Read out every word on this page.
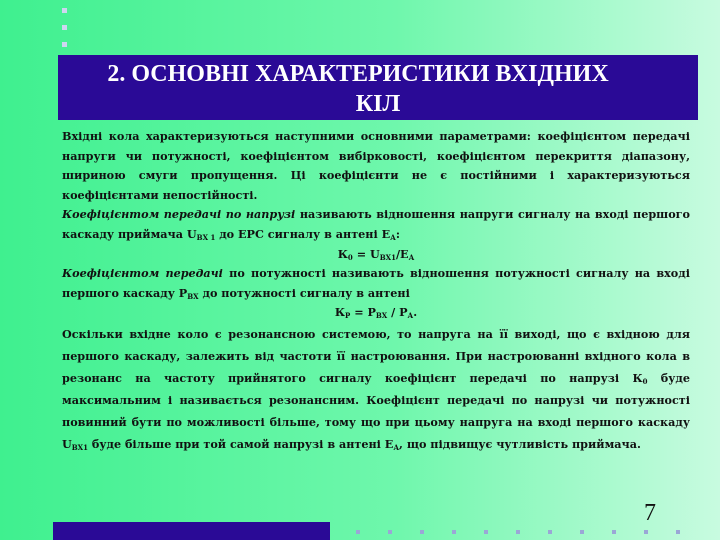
2. ОСНОВНІ ХАРАКТЕРИСТИКИ ВХІДНИХ
КІЛ

Вхідні кола характеризуються наступними основними параметрами: коефіцієнтом передачі напруги чи потужності, коефіцієнтом вибірковості, коефіцієнтом перекриття діапазону, шириною смуги пропущення. Ці коефіцієнти не є постійними і характеризуються коефіцієнтами непостійності.

Коефіцієнтом передачі по напрузі називають відношення напруги сигналу на вході першого каскаду приймача $U_{ВХ 1}$ до ЕРС сигналу в антені $Е_А$:

$К_0 = U_{ВХ1}/Е_А$

Коефіцієнтом передачі по потужності називають відношення потужності сигналу на вході першого каскаду $Р_{ВХ}$ до потужності сигналу в антені

$К_Р = Р_{ВХ} / Р_А$.

Оскільки вхідне коло є резонансною системою, то напруга на її виході, що є вхідною для першого каскаду, залежить від частоти її настроювання. При настроюванні вхідного кола в резонанс на частоту прийнятого сигналу коефіцієнт передачі по напрузі $К_0$ буде максимальним і називається резонансним. Коефіцієнт передачі по напрузі чи потужності повинний бути по можливості більше, тому що при цьому напруга на вході першого каскаду $U_{ВХ1}$ буде більше при той самой напрузі в антені $Е_А$, що підвищує чутливість приймача.

7
